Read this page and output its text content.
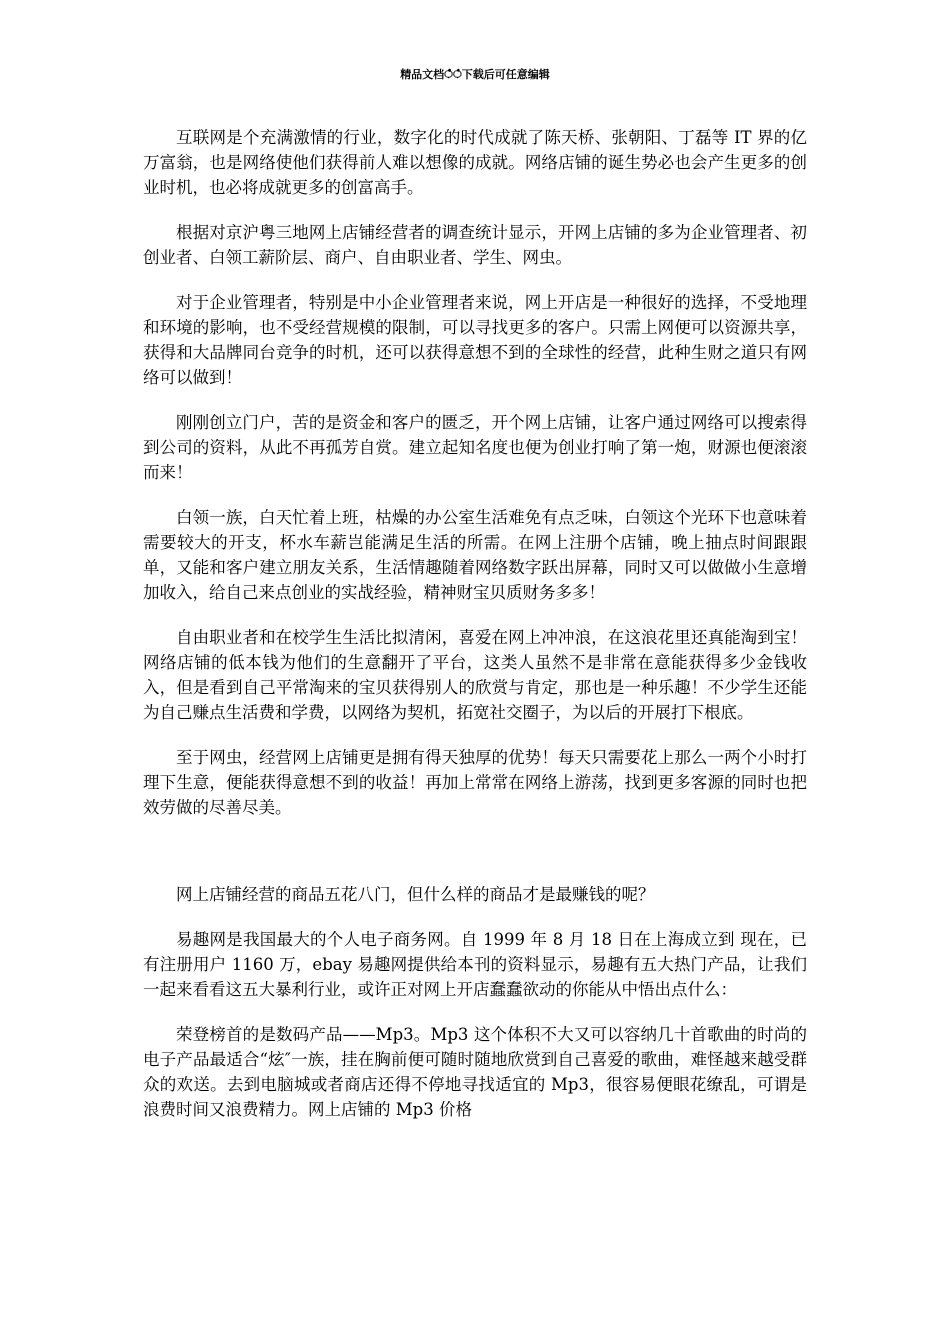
精品文档ഀഀഀ下载后可任意编辑

互联网是个充满激情的行业，数字化的时代成就了陈天桥、张朝阳、丁磊等 IT 界的亿万富翁，也是网络使他们获得前人难以想像的成就。网络店铺的诞生势必也会产生更多的创业时机，也必将成就更多的创富高手。

根据对京沪粤三地网上店铺经营者的调查统计显示，开网上店铺的多为企业管理者、初创业者、白领工薪阶层、商户、自由职业者、学生、网虫。

对于企业管理者，特别是中小企业管理者来说，网上开店是一种很好的选择，不受地理和环境的影响，也不受经营规模的限制，可以寻找更多的客户。只需上网便可以资源共享，获得和大品牌同台竞争的时机，还可以获得意想不到的全球性的经营，此种生财之道只有网络可以做到！

刚刚创立门户，苦的是资金和客户的匮乏，开个网上店铺，让客户通过网络可以搜索得到公司的资料，从此不再孤芳自赏。建立起知名度也便为创业打响了第一炮，财源也便滚滚而来！

白领一族，白天忙着上班，枯燥的办公室生活难免有点乏味，白领这个光环下也意味着需要较大的开支，杯水车薪岂能满足生活的所需。在网上注册个店铺，晚上抽点时间跟跟单，又能和客户建立朋友关系，生活情趣随着网络数字跃出屏幕，同时又可以做做小生意增加收入，给自己来点创业的实战经验，精神财宝贝质财务多多！

自由职业者和在校学生生活比拟清闲，喜爱在网上冲冲浪，在这浪花里还真能淘到宝！网络店铺的低本钱为他们的生意翻开了平台，这类人虽然不是非常在意能获得多少金钱收入，但是看到自己平常淘来的宝贝获得别人的欣赏与肯定，那也是一种乐趣！不少学生还能为自己赚点生活费和学费，以网络为契机，拓宽社交圈子，为以后的开展打下根底。

至于网虫，经营网上店铺更是拥有得天独厚的优势！每天只需要花上那么一两个小时打理下生意，便能获得意想不到的收益！再加上常常在网络上游荡，找到更多客源的同时也把效劳做的尽善尽美。

网上店铺经营的商品五花八门，但什么样的商品才是最赚钱的呢？

易趣网是我国最大的个人电子商务网。自 1999 年 8 月 18 日在上海成立到 现在，已有注册用户 1160 万，ebay 易趣网提供给本刊的资料显示，易趣有五大热门产品，让我们一起来看看这五大暴利行业，或许正对网上开店蠢蠢欲动的你能从中悟出点什么：

荣登榜首的是数码产品——Mp3。Mp3 这个体积不大又可以容纳几十首歌曲的时尚的电子产品最适合“炫″一族，挂在胸前便可随时随地欣赏到自己喜爱的歌曲，难怪越来越受群众的欢送。去到电脑城或者商店还得不停地寻找适宜的 Mp3，很容易便眼花缭乱，可谓是浪费时间又浪费精力。网上店铺的 Mp3 价格
